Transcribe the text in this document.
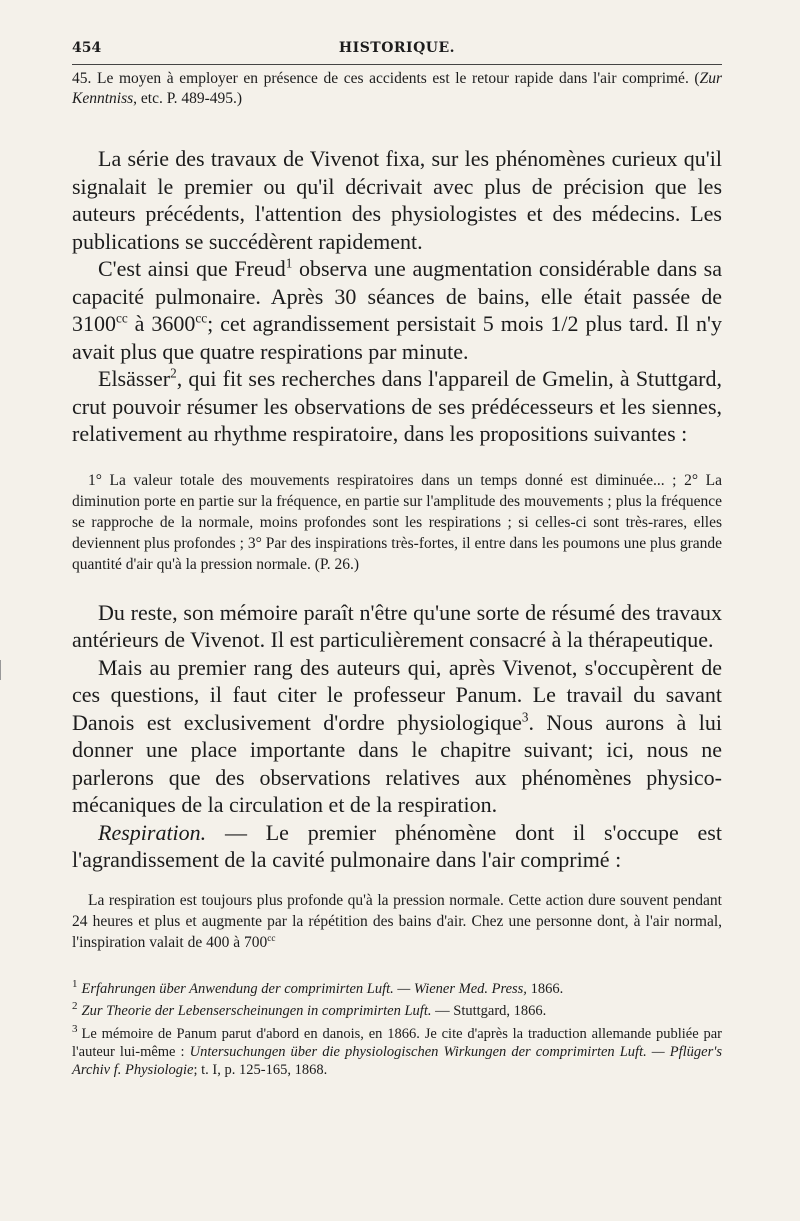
454	HISTORIQUE.

45. Le moyen à employer en présence de ces accidents est le retour rapide dans l'air comprimé. (Zur Kenntniss, etc. P. 489-495.)

La série des travaux de Vivenot fixa, sur les phénomènes curieux qu'il signalait le premier ou qu'il décrivait avec plus de précision que les auteurs précédents, l'attention des physiologistes et des médecins. Les publications se succédèrent rapidement.

C'est ainsi que Freud$^1$ observa une augmentation considérable dans sa capacité pulmonaire. Après 30 séances de bains, elle était passée de $3100^{cc}$ à $3600^{cc}$; cet agrandissement persistait 5 mois 1/2 plus tard. Il n'y avait plus que quatre respirations par minute.

Elsässer$^2$, qui fit ses recherches dans l'appareil de Gmelin, à Stuttgard, crut pouvoir résumer les observations de ses prédécesseurs et les siennes, relativement au rhythme respiratoire, dans les propositions suivantes :

1° La valeur totale des mouvements respiratoires dans un temps donné est diminuée... ; 2° La diminution porte en partie sur la fréquence, en partie sur l'amplitude des mouvements ; plus la fréquence se rapproche de la normale, moins profondes sont les respirations ; si celles-ci sont très-rares, elles deviennent plus profondes ; 3° Par des inspirations très-fortes, il entre dans les poumons une plus grande quantité d'air qu'à la pression normale. (P. 26.)

Du reste, son mémoire paraît n'être qu'une sorte de résumé des travaux antérieurs de Vivenot. Il est particulièrement consacré à la thérapeutique.

Mais au premier rang des auteurs qui, après Vivenot, s'occupèrent de ces questions, il faut citer le professeur Panum. Le travail du savant Danois est exclusivement d'ordre physiologique$^3$. Nous aurons à lui donner une place importante dans le chapitre suivant; ici, nous ne parlerons que des observations relatives aux phénomènes physico-mécaniques de la circulation et de la respiration.

Respiration. — Le premier phénomène dont il s'occupe est l'agrandissement de la cavité pulmonaire dans l'air comprimé :

La respiration est toujours plus profonde qu'à la pression normale. Cette action dure souvent pendant 24 heures et plus et augmente par la répétition des bains d'air. Chez une personne dont, à l'air normal, l'inspiration valait de 400 à $700^{cc}$

$^1$ Erfahrungen über Anwendung der comprimirten Luft. — Wiener Med. Press, 1866.

$^2$ Zur Theorie der Lebenserscheinungen in comprimirten Luft. — Stuttgard, 1866.

$^3$ Le mémoire de Panum parut d'abord en danois, en 1866. Je cite d'après la traduction allemande publiée par l'auteur lui-même : Untersuchungen über die physiologischen Wirkungen der comprimirten Luft. — Pflüger's Archiv f. Physiologie; t. I, p. 125-165, 1868.
